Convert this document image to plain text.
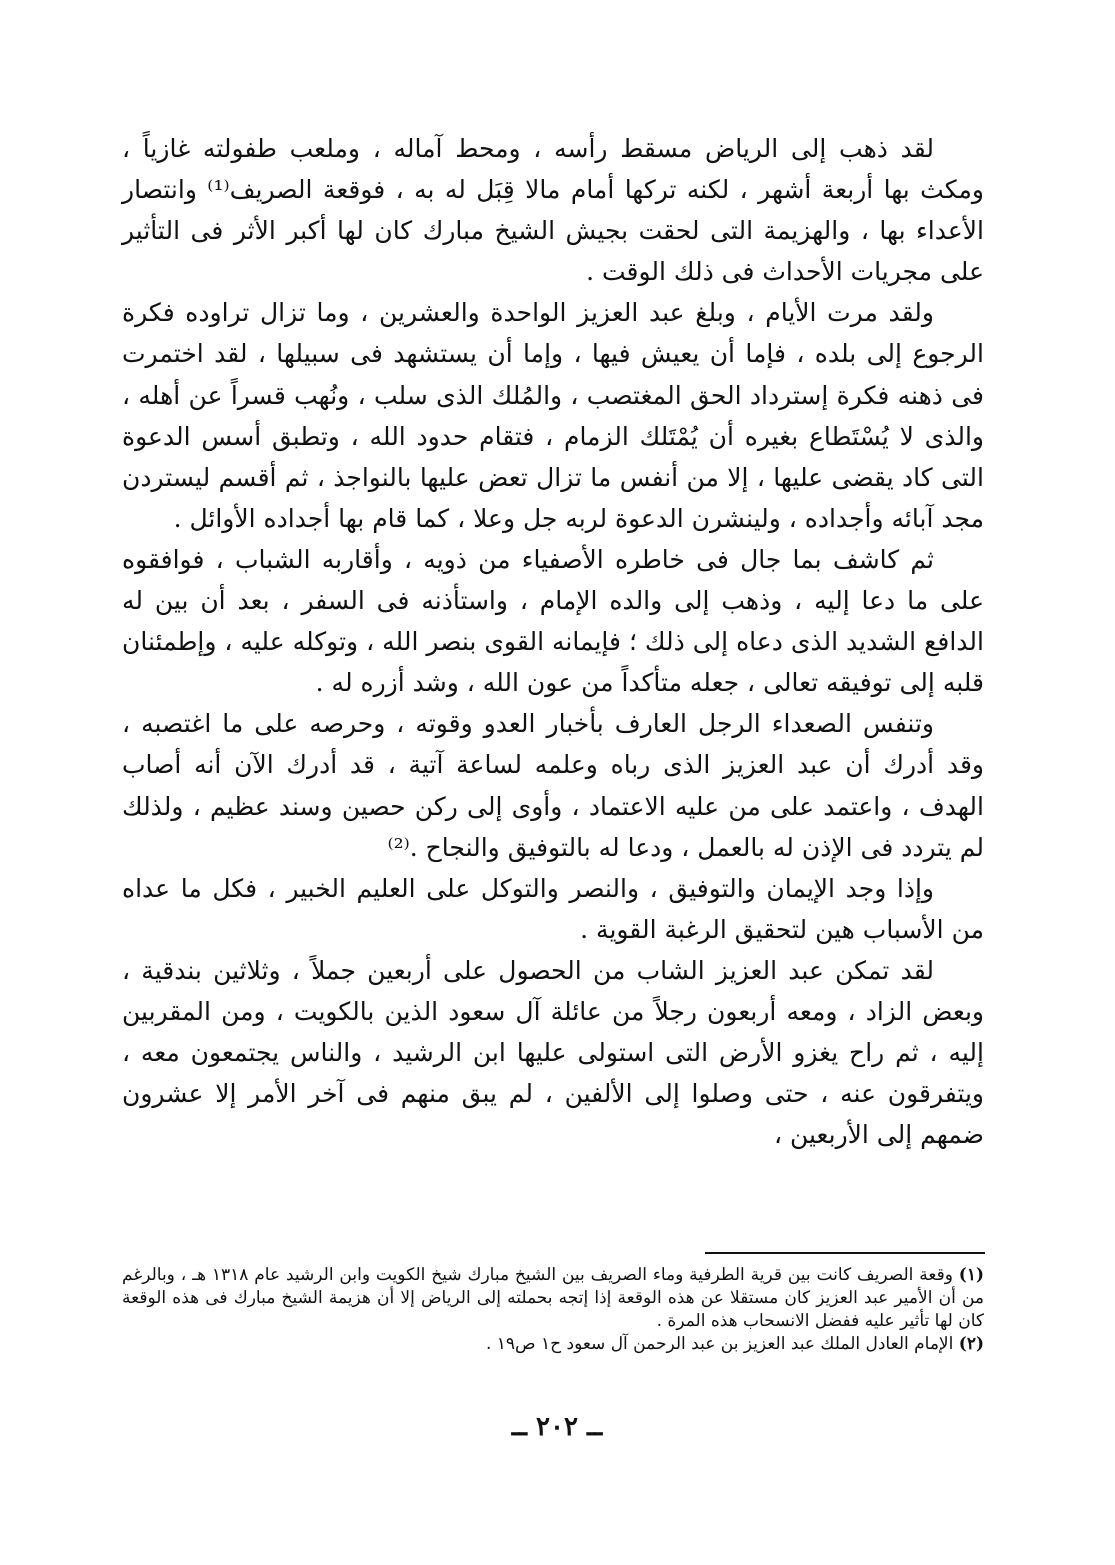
لقد ذهب إلى الرياض مسقط رأسه ، ومحط آماله ، وملعب طفولته غازياً ، ومكث بها أربعة أشهر ، لكنه تركها أمام مالا قِبَل له به ، فوقعة الصريف⁽¹⁾ وانتصار الأعداء بها ، والهزيمة التى لحقت بجيش الشيخ مبارك كان لها أكبر الأثر فى التأثير على مجريات الأحداث فى ذلك الوقت .

ولقد مرت الأيام ، وبلغ عبد العزيز الواحدة والعشرين ، وما تزال تراوده فكرة الرجوع إلى بلده ، فإما أن يعيش فيها ، وإما أن يستشهد فى سبيلها ، لقد اختمرت فى ذهنه فكرة إسترداد الحق المغتصب ، والمُلك الذى سلب ، ونُهب قسراً عن أهله ، والذى لا يُسْتَطاع بغيره أن يُمْتَلك الزمام ، فتقام حدود الله ، وتطبق أسس الدعوة التى كاد يقضى عليها ، إلا من أنفس ما تزال تعض عليها بالنواجذ ، ثم أقسم ليستردن مجد آبائه وأجداده ، ولينشرن الدعوة لربه جل وعلا ، كما قام بها أجداده الأوائل .

ثم كاشف بما جال فى خاطره الأصفياء من ذويه ، وأقاربه الشباب ، فوافقوه على ما دعا إليه ، وذهب إلى والده الإمام ، واستأذنه فى السفر ، بعد أن بين له الدافع الشديد الذى دعاه إلى ذلك ؛ فإيمانه القوى بنصر الله ، وتوكله عليه ، وإطمئنان قلبه إلى توفيقه تعالى ، جعله متأكداً من عون الله ، وشد أزره له .

وتنفس الصعداء الرجل العارف بأخبار العدو وقوته ، وحرصه على ما اغتصبه ، وقد أدرك أن عبد العزيز الذى رباه وعلمه لساعة آتية ، قد أدرك الآن أنه أصاب الهدف ، واعتمد على من عليه الاعتماد ، وأوى إلى ركن حصين وسند عظيم ، ولذلك لم يتردد فى الإذن له بالعمل ، ودعا له بالتوفيق والنجاح .⁽²⁾

وإذا وجد الإيمان والتوفيق ، والنصر والتوكل على العليم الخبير ، فكل ما عداه من الأسباب هين لتحقيق الرغبة القوية .

لقد تمكن عبد العزيز الشاب من الحصول على أربعين جملاً ، وثلاثين بندقية ، وبعض الزاد ، ومعه أربعون رجلاً من عائلة آل سعود الذين بالكويت ، ومن المقربين إليه ، ثم راح يغزو الأرض التى استولى عليها ابن الرشيد ، والناس يجتمعون معه ، ويتفرقون عنه ، حتى وصلوا إلى الألفين ، لم يبق منهم فى آخر الأمر إلا عشرون ضمهم إلى الأربعين ،

(١) وقعة الصريف كانت بين قرية الطرفية وماء الصريف بين الشيخ مبارك شيخ الكويت وابن الرشيد عام ١٣١٨ هـ ، وبالرغم من أن الأمير عبد العزيز كان مستقلا عن هذه الوقعة إذا إتجه بحملته إلى الرياض إلا أن هزيمة الشيخ مبارك فى هذه الوقعة كان لها تأثير عليه ففضل الانسحاب هذه المرة .

(٢) الإمام العادل الملك عبد العزيز بن عبد الرحمن آل سعود ح١ ص١٩ .

ــ ٢٠٢ ــ
